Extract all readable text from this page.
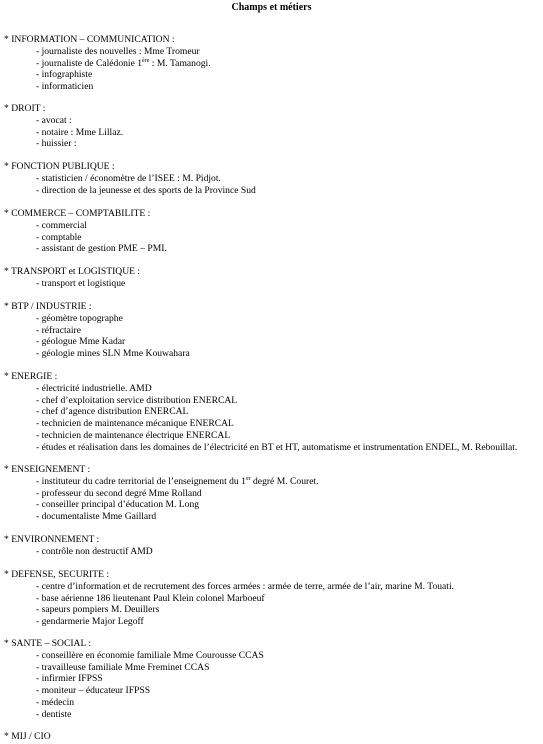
Champs et métiers
* INFORMATION – COMMUNICATION :
- journaliste des nouvelles : Mme Tromeur
- journaliste de Calédonie 1ère : M. Tamanogi.
- infographiste
- informaticien
* DROIT :
- avocat :
- notaire : Mme Lillaz.
- huissier :
* FONCTION PUBLIQUE :
- statisticien / économètre de l’ISEE : M. Pidjot.
- direction de la jeunesse et des sports de la Province Sud
* COMMERCE – COMPTABILITE :
- commercial
- comptable
- assistant de gestion PME – PMI.
* TRANSPORT et LOGISTIQUE :
- transport et logistique
* BTP / INDUSTRIE :
- géomètre topographe
- réfractaire
- géologue Mme Kadar
- géologie mines SLN Mme Kouwahara
* ENERGIE :
- électricité industrielle. AMD
- chef d’exploitation service distribution ENERCAL
- chef d’agence distribution ENERCAL
- technicien de maintenance mécanique ENERCAL
- technicien de maintenance électrique ENERCAL
- études et réalisation dans les domaines de l’électricité en BT et HT, automatisme et instrumentation ENDEL, M. Rebouillat.
* ENSEIGNEMENT :
- instituteur du cadre territorial de l’enseignement du 1er degré M. Couret.
- professeur du second degré Mme Rolland
- conseiller principal d’éducation M. Long
- documentaliste Mme Gaillard
* ENVIRONNEMENT :
- contrôle non destructif AMD
* DEFENSE, SECURITE :
- centre d’information et de recrutement des forces armées : armée de terre, armée de l’air, marine M. Touati.
- base aérienne 186 lieutenant Paul Klein colonel Marboeuf
- sapeurs pompiers M. Deuillers
- gendarmerie Major Legoff
* SANTE – SOCIAL :
- conseillère en économie familiale Mme Courousse CCAS
- travailleuse familiale Mme Freminet CCAS
- infirmier IFPSS
- moniteur – éducateur IFPSS
- médecin
- dentiste
* MIJ / CIO
